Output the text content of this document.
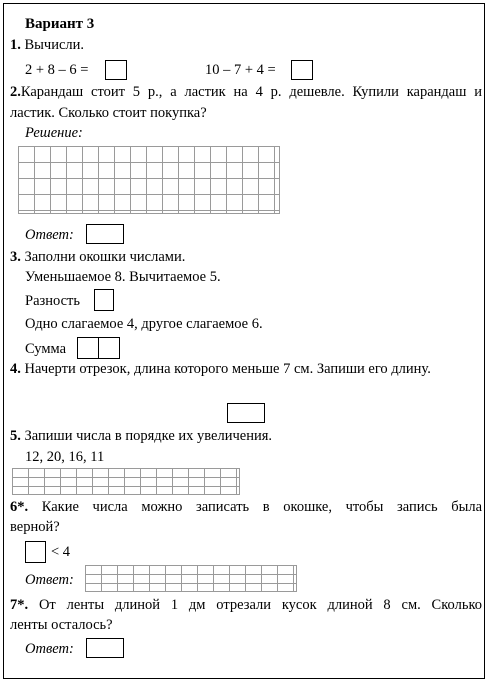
Вариант 3
1. Вычисли.
2 + 8 – 6 =	10 – 7 + 4 =
2.Карандаш стоит 5 р., а ластик на 4 р. дешевле. Купили карандаш и
ластик. Сколько стоит покупка?
Решение:
Ответ:
3. Заполни окошки числами.
Уменьшаемое 8. Вычитаемое 5.
Разность
Одно слагаемое 4, другое слагаемое 6.
Сумма
4. Начерти отрезок, длина которого меньше 7 см. Запиши его длину.
5. Запиши числа в порядке их увеличения.
12, 20, 16, 11
6*. Какие числа можно записать в окошке, чтобы запись была
верной?
< 4
Ответ:
7*. От ленты длиной 1 дм отрезали кусок длиной 8 см. Сколько
ленты осталось?
Ответ:
